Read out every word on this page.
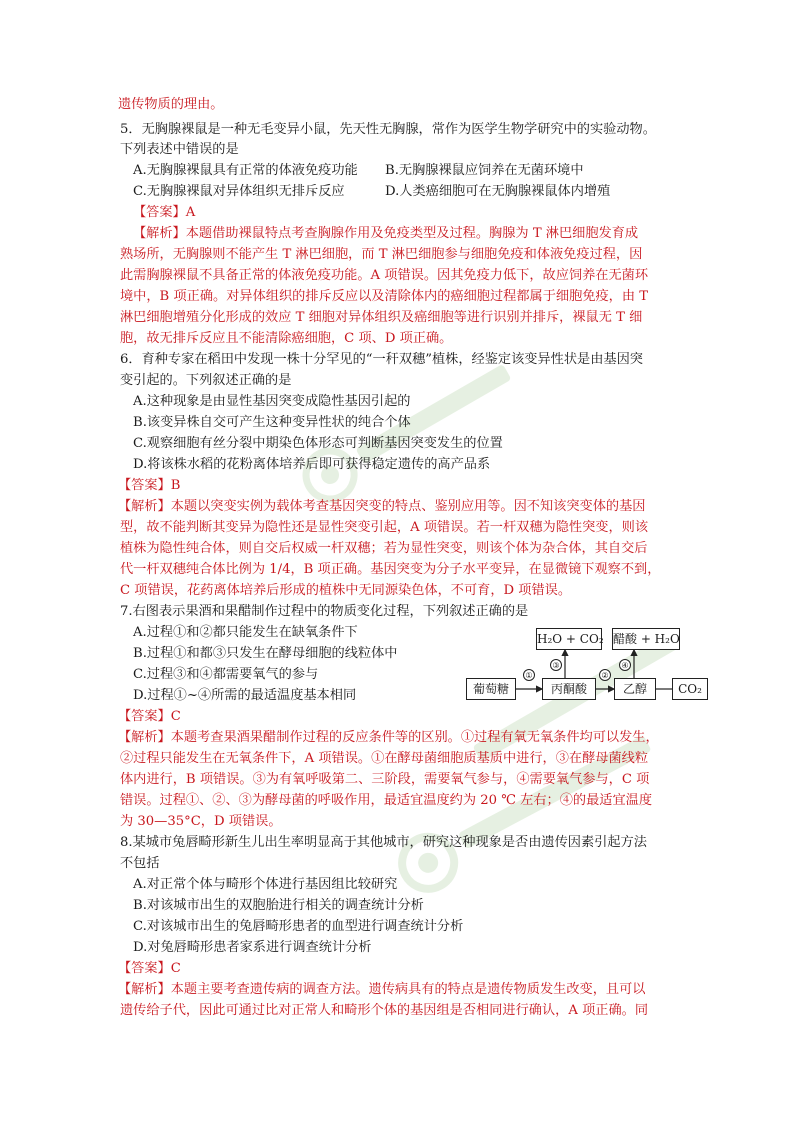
遗传物质的理由。
5．无胸腺裸鼠是一种无毛变异小鼠，先天性无胸腺，常作为医学生物学研究中的实验动物。
下列表述中错误的是
A.无胸腺裸鼠具有正常的体液免疫功能 B.无胸腺裸鼠应饲养在无菌环境中
C.无胸腺裸鼠对异体组织无排斥反应	D.人类癌细胞可在无胸腺裸鼠体内增殖
【答案】A
【解析】本题借助裸鼠特点考查胸腺作用及免疫类型及过程。胸腺为 T 淋巴细胞发育成
熟场所，无胸腺则不能产生 T 淋巴细胞，而 T 淋巴细胞参与细胞免疫和体液免疫过程，因
此需胸腺裸鼠不具备正常的体液免疫功能。A 项错误。因其免疫力低下，故应饲养在无菌环
境中，B 项正确。对异体组织的排斥反应以及清除体内的癌细胞过程都属于细胞免疫，由 T
淋巴细胞增殖分化形成的效应 T 细胞对异体组织及癌细胞等进行识别并排斥，裸鼠无 T 细
胞，故无排斥反应且不能清除癌细胞，C 项、D 项正确。
6．育种专家在稻田中发现一株十分罕见的“一秆双穗”植株，经鉴定该变异性状是由基因突
变引起的。下列叙述正确的是
A.这种现象是由显性基因突变成隐性基因引起的
B.该变异株自交可产生这种变异性状的纯合个体
C.观察细胞有丝分裂中期染色体形态可判断基因突变发生的位置
D.将该株水稻的花粉离体培养后即可获得稳定遗传的高产品系
【答案】B
【解析】本题以突变实例为载体考查基因突变的特点、鉴别应用等。因不知该突变体的基因
型，故不能判断其变异为隐性还是显性突变引起，A 项错误。若一杆双穗为隐性突变，则该
植株为隐性纯合体，则自交后权威一杆双穗；若为显性突变，则该个体为杂合体，其自交后
代一杆双穗纯合体比例为 1/4，B 项正确。基因突变为分子水平变异，在显微镜下观察不到，
C 项错误，花药离体培养后形成的植株中无同源染色体，不可育，D 项错误。
7.右图表示果酒和果醋制作过程中的物质变化过程，下列叙述正确的是
A.过程①和②都只能发生在缺氧条件下
B.过程①和都③只发生在酵母细胞的线粒体中
C.过程③和④都需要氧气的参与
D.过程①~④所需的最适温度基本相同
【答案】C
【解析】本题考查果酒果醋制作过程的反应条件等的区别。①过程有氧无氧条件均可以发生，
②过程只能发生在无氧条件下，A 项错误。①在酵母菌细胞质基质中进行，③在酵母菌线粒
体内进行，B 项错误。③为有氧呼吸第二、三阶段，需要氧气参与，④需要氧气参与，C 项
错误。过程①、②、③为酵母菌的呼吸作用，最适宜温度约为 20 ℃ 左右；④的最适宜温度
为 30—35°C，D 项错误。
8.某城市兔唇畸形新生儿出生率明显高于其他城市，研究这种现象是否由遗传因素引起方法
不包括
A.对正常个体与畸形个体进行基因组比较研究
B.对该城市出生的双胞胎进行相关的调查统计分析
C.对该城市出生的兔唇畸形患者的血型进行调查统计分析
D.对兔唇畸形患者家系进行调查统计分析
【答案】C
【解析】本题主要考查遗传病的调查方法。遗传病具有的特点是遗传物质发生改变，且可以
遗传给子代，因此可通过比对正常人和畸形个体的基因组是否相同进行确认，A 项正确。同
葡萄糖	丙酮酸	乙醇	CO₂
H₂O + CO₂ 醋酸 + H₂O
①	②
③	④
